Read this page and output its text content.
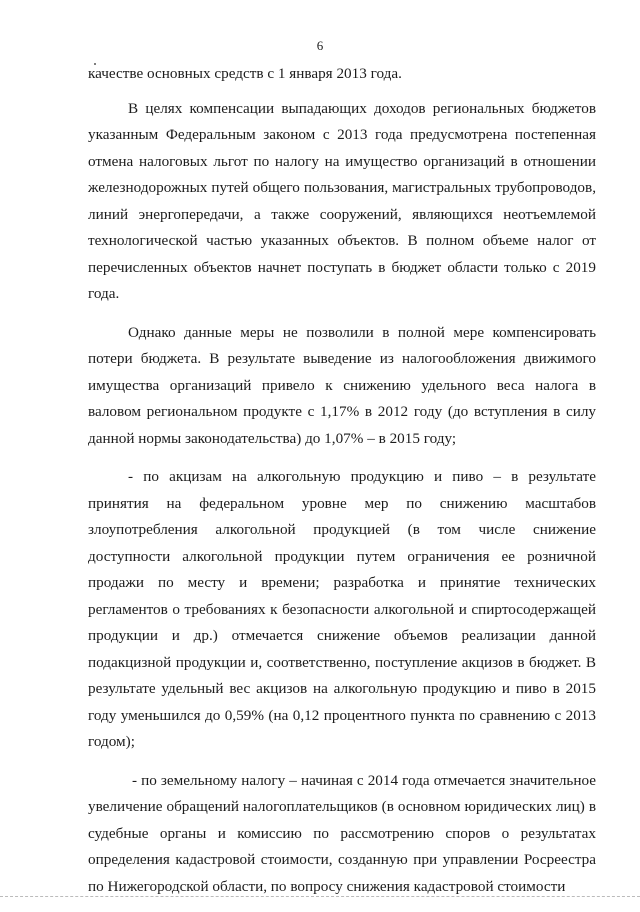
6

качестве основных средств с 1 января 2013 года.

В целях компенсации выпадающих доходов региональных бюджетов указанным Федеральным законом с 2013 года предусмотрена постепенная отмена налоговых льгот по налогу на имущество организаций в отношении железнодорожных путей общего пользования, магистральных трубопроводов, линий энергопередачи, а также сооружений, являющихся неотъемлемой технологической частью указанных объектов. В полном объеме налог от перечисленных объектов начнет поступать в бюджет области только с 2019 года.

Однако данные меры не позволили в полной мере компенсировать потери бюджета. В результате выведение из налогообложения движимого имущества организаций привело к снижению удельного веса налога в валовом региональном продукте с 1,17% в 2012 году (до вступления в силу данной нормы законодательства) до 1,07% – в 2015 году;

- по акцизам на алкогольную продукцию и пиво – в результате принятия на федеральном уровне мер по снижению масштабов злоупотребления алкогольной продукцией (в том числе снижение доступности алкогольной продукции путем ограничения ее розничной продажи по месту и времени; разработка и принятие технических регламентов о требованиях к безопасности алкогольной и спиртосодержащей продукции и др.) отмечается снижение объемов реализации данной подакцизной продукции и, соответственно, поступление акцизов в бюджет. В результате удельный вес акцизов на алкогольную продукцию и пиво в 2015 году уменьшился до 0,59% (на 0,12 процентного пункта по сравнению с 2013 годом);

- по земельному налогу – начиная с 2014 года отмечается значительное увеличение обращений налогоплательщиков (в основном юридических лиц) в судебные органы и комиссию по рассмотрению споров о результатах определения кадастровой стоимости, созданную при управлении Росреестра по Нижегородской области, по вопросу снижения кадастровой стоимости
